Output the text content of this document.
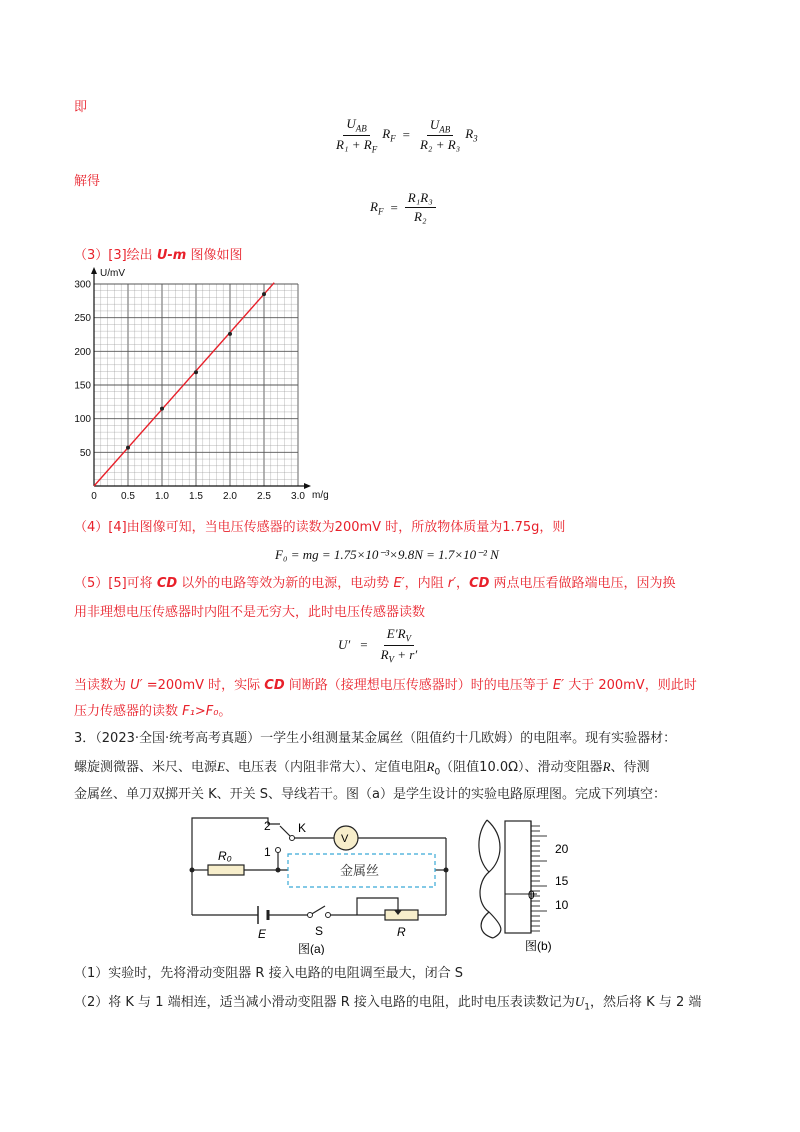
即
$\frac{U_{AB}}{R_1 + R_F} R_F = \frac{U_{AB}}{\text{R₂ + R₃}} R_3$
解得
$R_F = \frac{\text{R₁R₃}}{\text{R₂}}$
（3）[3]绘出 U-m 图像如图
50
100
150
200
250
300
0 0.5 1.0 1.5 2.0 2.5 3.0
U/mV
m/g
（4）[4]由图像可知，当电压传感器的读数为200mV 时，所放物体质量为1.75g，则
F₀ = mg = 1.75×10⁻³×9.8N = 1.7×10⁻² N
（5）[5]可将 CD 以外的电路等效为新的电源，电动势 E′，内阻 r′，CD 两点电压看做路端电压，因为换
用非理想电压传感器时内阻不是无穷大，此时电压传感器读数
$U' = \frac{E'R_V}{R_V + r'}$
当读数为 U′ =200mV 时，实际 CD 间断路（接理想电压传感器时）时的电压等于 E′ 大于 200mV，则此时
压力传感器的读数 F₁>F₀。
3．（2023·全国·统考高考真题）一学生小组测量某金属丝（阻值约十几欧姆）的电阻率。现有实验器材：
螺旋测微器、米尺、电源E、电压表（内阻非常大）、定值电阻$R_0$（阻值10.0Ω）、滑动变阻器R、待测
金属丝、单刀双掷开关 K、开关 S、导线若干。图（a）是学生设计的实验电路原理图。完成下列填空：
2
1
K
V
R₀
金属丝
E	S	R
图(a)
20
15
10
0
图(b)
（1）实验时，先将滑动变阻器 R 接入电路的电阻调至最大，闭合 S
（2）将 K 与 1 端相连，适当减小滑动变阻器 R 接入电路的电阻，此时电压表读数记为$U_1$，然后将 K 与 2 端
